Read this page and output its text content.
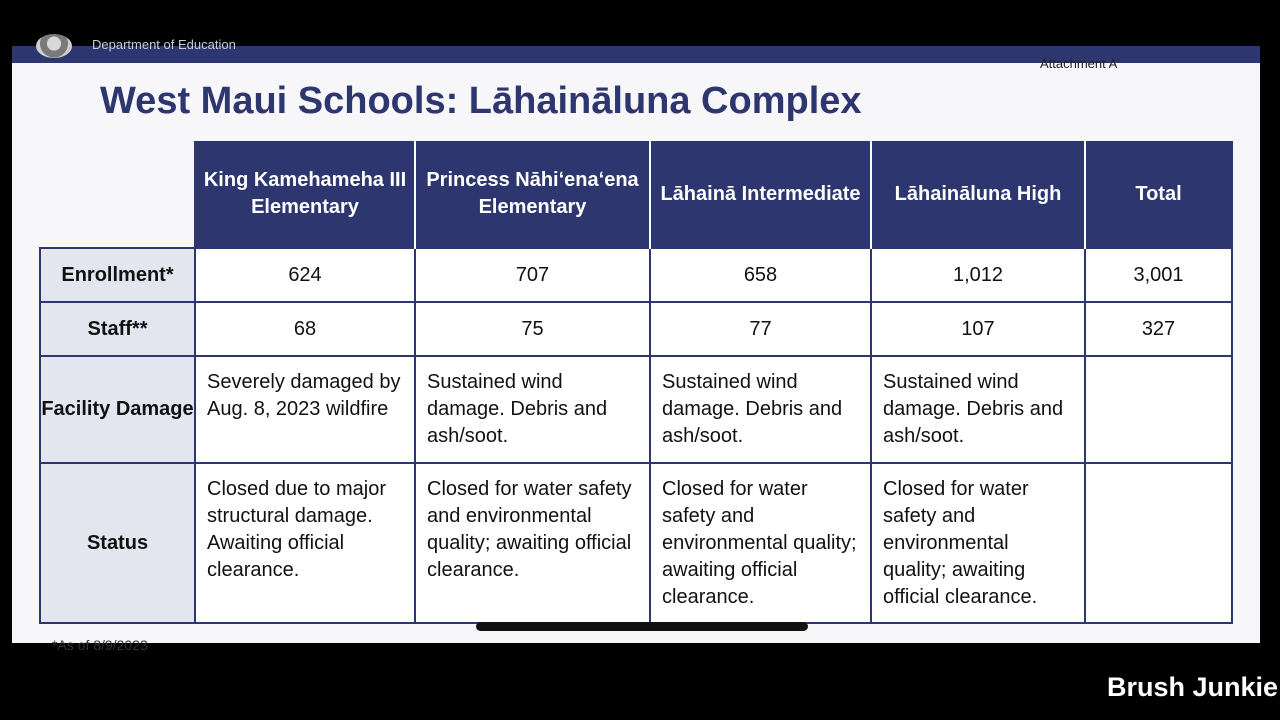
Department of Education
Attachment A
West Maui Schools: Lāhaināluna Complex
	King Kamehameha III Elementary	Princess Nāhiʻenaʻena Elementary	Lāhainā Intermediate	Lāhaināluna High	Total
Enrollment*	624	707	658	1,012	3,001
Staff**	68	75	77	107	327
Facility Damage	Severely damaged by Aug. 8, 2023 wildfire	Sustained wind damage. Debris and ash/soot.	Sustained wind damage. Debris and ash/soot.	Sustained wind damage. Debris and ash/soot.	
Status	Closed due to major structural damage. Awaiting official clearance.	Closed for water safety and environmental quality; awaiting official clearance.	Closed for water safety and environmental quality; awaiting official clearance.	Closed for water safety and environmental quality; awaiting official clearance.	
*As of 8/9/2023
Brush Junkie
